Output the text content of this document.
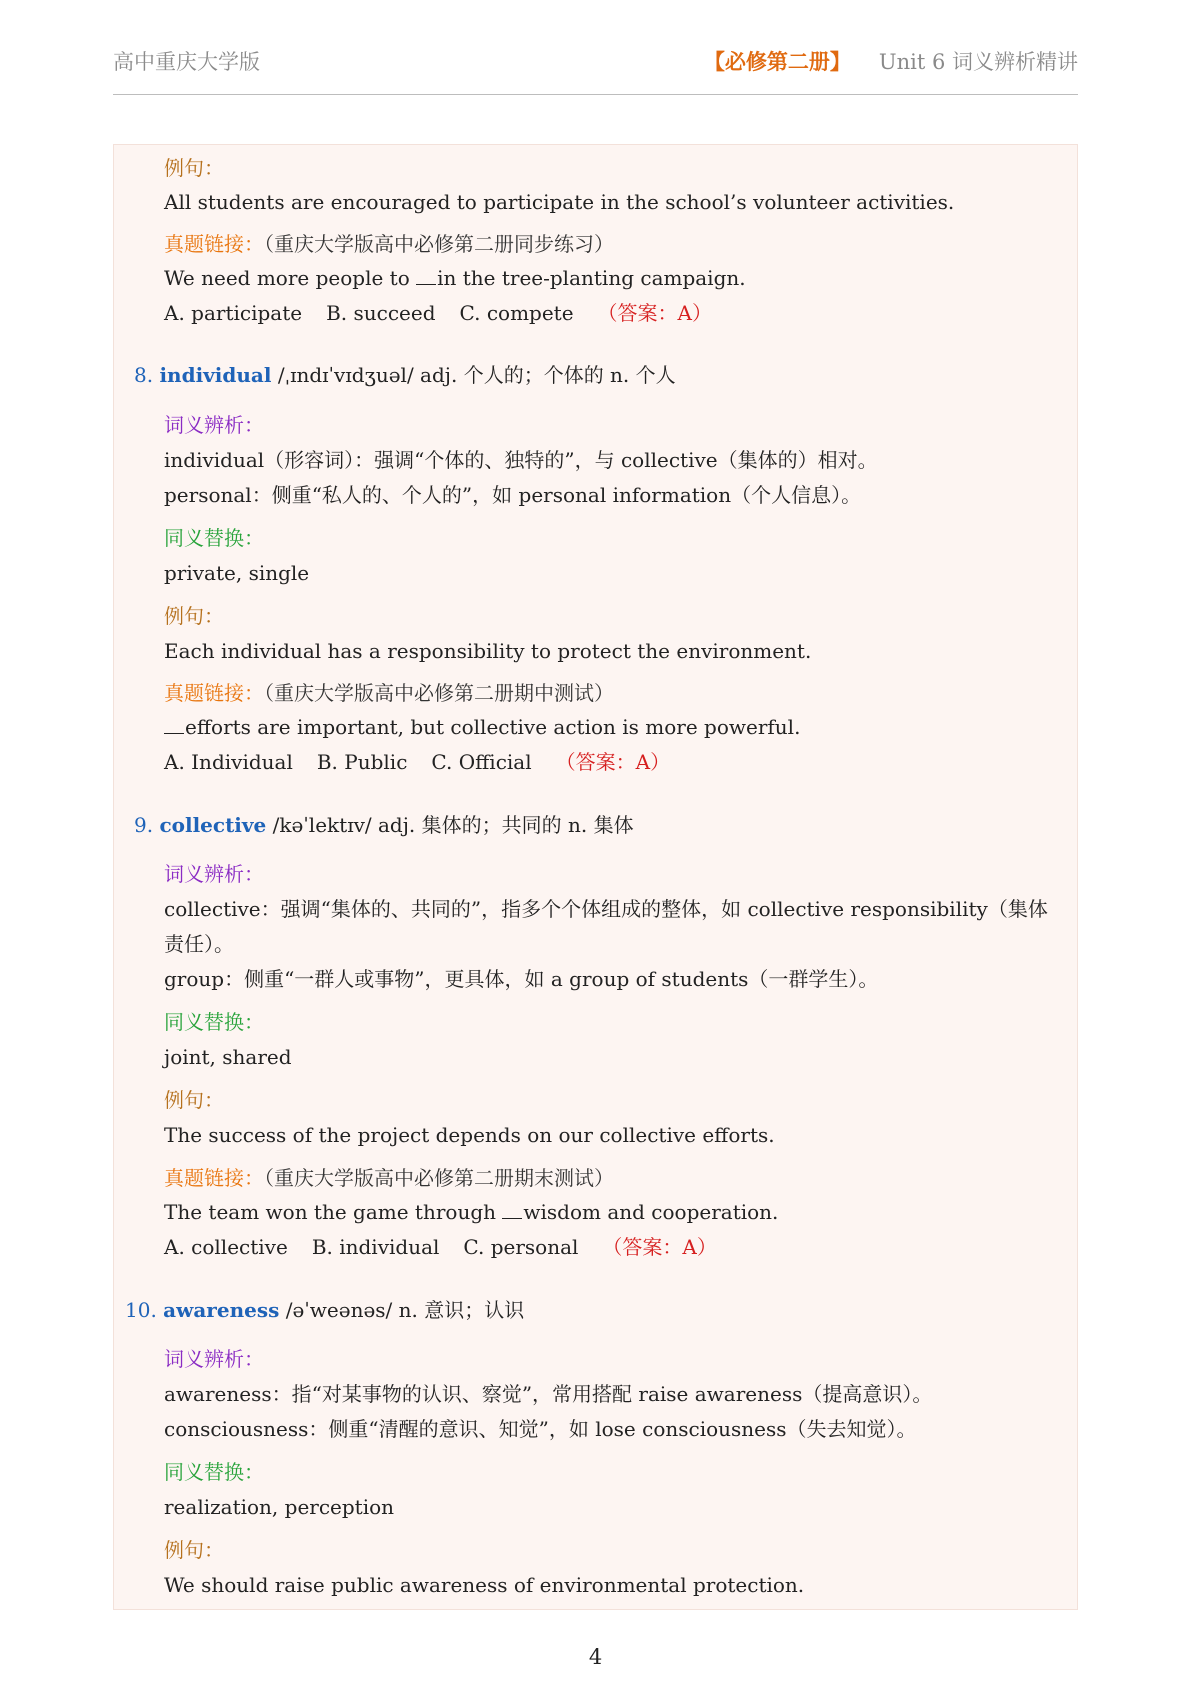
高中重庆大学版	【必修第二册】 Unit 6 词义辨析精讲
例句：
All students are encouraged to participate in the school’s volunteer activities.
真题链接：（重庆大学版高中必修第二册同步练习）
We need more people to in the tree-planting campaign.
A. participate B. succeed C. compete （答案：A）
8. individual /ˌɪndɪˈvɪdʒuəl/ adj. 个人的；个体的 n. 个人
词义辨析：
individual（形容词）：强调“个体的、独特的”，与 collective（集体的）相对。
personal：侧重“私人的、个人的”，如 personal information（个人信息）。
同义替换：
private, single
例句：
Each individual has a responsibility to protect the environment.
真题链接：（重庆大学版高中必修第二册期中测试）
efforts are important, but collective action is more powerful.
A. Individual B. Public C. Official （答案：A）
9. collective /kəˈlektɪv/ adj. 集体的；共同的 n. 集体
词义辨析：
collective：强调“集体的、共同的”，指多个个体组成的整体，如 collective responsibility（集体
责任）。
group：侧重“一群人或事物”，更具体，如 a group of students（一群学生）。
同义替换：
joint, shared
例句：
The success of the project depends on our collective efforts.
真题链接：（重庆大学版高中必修第二册期末测试）
The team won the game through wisdom and cooperation.
A. collective B. individual C. personal （答案：A）
10. awareness /əˈweənəs/ n. 意识；认识
词义辨析：
awareness：指“对某事物的认识、察觉”，常用搭配 raise awareness（提高意识）。
consciousness：侧重“清醒的意识、知觉”，如 lose consciousness（失去知觉）。
同义替换：
realization, perception
例句：
We should raise public awareness of environmental protection.
4
